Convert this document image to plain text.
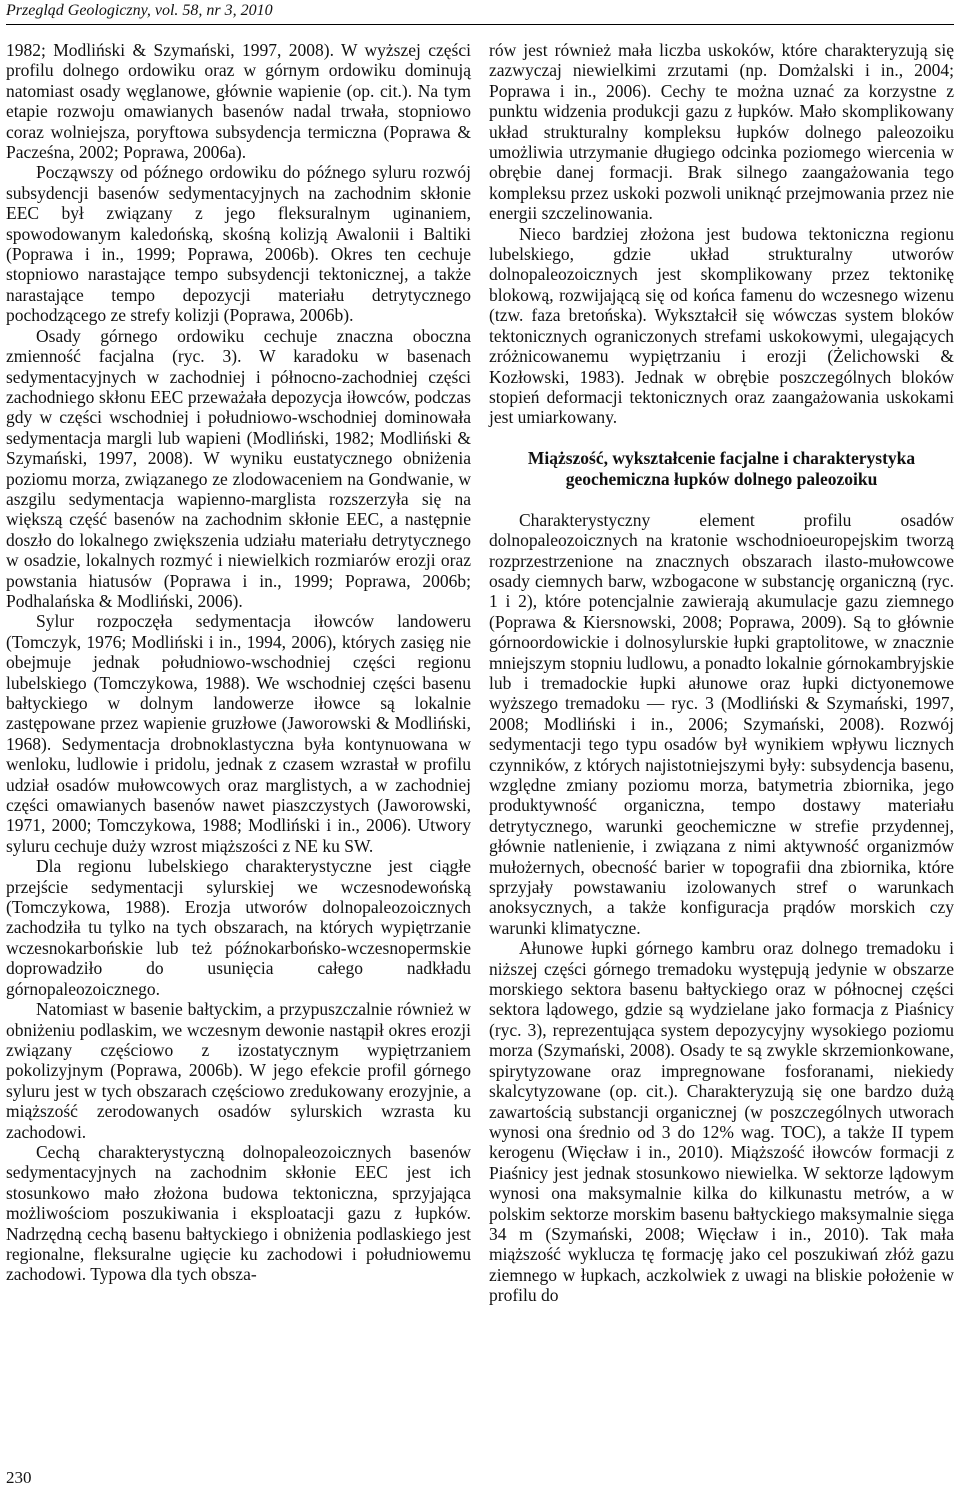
Przegląd Geologiczny, vol. 58, nr 3, 2010

1982; Modliński & Szymański, 1997, 2008). W wyższej części profilu dolnego ordowiku oraz w górnym ordowiku dominują natomiast osady węglanowe, głównie wapienie (op. cit.). Na tym etapie rozwoju omawianych basenów nadal trwała, stopniowo coraz wolniejsza, poryftowa subsydencja termiczna (Poprawa & Pacześna, 2002; Poprawa, 2006a).

Począwszy od późnego ordowiku do późnego syluru rozwój subsydencji basenów sedymentacyjnych na zachodnim skłonie EEC był związany z jego fleksuralnym uginaniem, spowodowanym kaledońską, skośną kolizją Awalonii i Baltiki (Poprawa i in., 1999; Poprawa, 2006b). Okres ten cechuje stopniowo narastające tempo subsydencji tektonicznej, a także narastające tempo depozycji materiału detrytycznego pochodzącego ze strefy kolizji (Poprawa, 2006b).

Osady górnego ordowiku cechuje znaczna oboczna zmienność facjalna (ryc. 3). W karadoku w basenach sedymentacyjnych w zachodniej i północno-zachodniej części zachodniego skłonu EEC przeważała depozycja iłowców, podczas gdy w części wschodniej i południowo-wschodniej dominowała sedymentacja margli lub wapieni (Modliński, 1982; Modliński & Szymański, 1997, 2008). W wyniku eustatycznego obniżenia poziomu morza, związanego ze zlodowaceniem na Gondwanie, w aszgilu sedymentacja wapienno-marglista rozszerzyła się na większą część basenów na zachodnim skłonie EEC, a następnie doszło do lokalnego zwiększenia udziału materiału detrytycznego w osadzie, lokalnych rozmyć i niewielkich rozmiarów erozji oraz powstania hiatusów (Poprawa i in., 1999; Poprawa, 2006b; Podhalańska & Modliński, 2006).

Sylur rozpoczęła sedymentacja iłowców landoweru (Tomczyk, 1976; Modliński i in., 1994, 2006), których zasięg nie obejmuje jednak południowo-wschodniej części regionu lubelskiego (Tomczykowa, 1988). We wschodniej części basenu bałtyckiego w dolnym landowerze iłowce są lokalnie zastępowane przez wapienie gruzłowe (Jaworowski & Modliński, 1968). Sedymentacja drobnoklastyczna była kontynuowana w wenloku, ludlowie i pridolu, jednak z czasem wzrastał w profilu udział osadów mułowcowych oraz marglistych, a w zachodniej części omawianych basenów nawet piaszczystych (Jaworowski, 1971, 2000; Tomczykowa, 1988; Modliński i in., 2006). Utwory syluru cechuje duży wzrost miąższości z NE ku SW.

Dla regionu lubelskiego charakterystyczne jest ciągłe przejście sedymentacji sylurskiej we wczesnodewońską (Tomczykowa, 1988). Erozja utworów dolnopaleozoicznych zachodziła tu tylko na tych obszarach, na których wypiętrzanie wczesnokarbońskie lub też późnokarbońsko-wczesnopermskie doprowadziło do usunięcia całego nadkładu górnopaleozoicznego.

Natomiast w basenie bałtyckim, a przypuszczalnie również w obniżeniu podlaskim, we wczesnym dewonie nastąpił okres erozji związany częściowo z izostatycznym wypiętrzaniem pokolizyjnym (Poprawa, 2006b). W jego efekcie profil górnego syluru jest w tych obszarach częściowo zredukowany erozyjnie, a miąższość zerodowanych osadów sylurskich wzrasta ku zachodowi.

Cechą charakterystyczną dolnopaleozoicznych basenów sedymentacyjnych na zachodnim skłonie EEC jest ich stosunkowo mało złożona budowa tektoniczna, sprzyjająca możliwościom poszukiwania i eksploatacji gazu z łupków. Nadrzędną cechą basenu bałtyckiego i obniżenia podlaskiego jest regionalne, fleksuralne ugięcie ku zachodowi i południowemu zachodowi. Typowa dla tych obsza-

rów jest również mała liczba uskoków, które charakteryzują się zazwyczaj niewielkimi zrzutami (np. Domżalski i in., 2004; Poprawa i in., 2006). Cechy te można uznać za korzystne z punktu widzenia produkcji gazu z łupków. Mało skomplikowany układ strukturalny kompleksu łupków dolnego paleozoiku umożliwia utrzymanie długiego odcinka poziomego wiercenia w obrębie danej formacji. Brak silnego zaangażowania tego kompleksu przez uskoki pozwoli uniknąć przejmowania przez nie energii szczelinowania.

Nieco bardziej złożona jest budowa tektoniczna regionu lubelskiego, gdzie układ strukturalny utworów dolnopaleozoicznych jest skomplikowany przez tektonikę blokową, rozwijającą się od końca famenu do wczesnego wizenu (tzw. faza bretońska). Wykształcił się wówczas system bloków tektonicznych ograniczonych strefami uskokowymi, ulegających zróżnicowanemu wypiętrzaniu i erozji (Żelichowski & Kozłowski, 1983). Jednak w obrębie poszczególnych bloków stopień deformacji tektonicznych oraz zaangażowania uskokami jest umiarkowany.

Miąższość, wykształcenie facjalne i charakterystyka geochemiczna łupków dolnego paleozoiku

Charakterystyczny element profilu osadów dolnopaleozoicznych na kratonie wschodnioeuropejskim tworzą rozprzestrzenione na znacznych obszarach ilasto-mułowcowe osady ciemnych barw, wzbogacone w substancję organiczną (ryc. 1 i 2), które potencjalnie zawierają akumulacje gazu ziemnego (Poprawa & Kiersnowski, 2008; Poprawa, 2009). Są to głównie górnoordowickie i dolnosylurskie łupki graptolitowe, w znacznie mniejszym stopniu ludlowu, a ponadto lokalnie górnokambryjskie lub i tremadockie łupki ałunowe oraz łupki dictyonemowe wyższego tremadoku — ryc. 3 (Modliński & Szymański, 1997, 2008; Modliński i in., 2006; Szymański, 2008). Rozwój sedymentacji tego typu osadów był wynikiem wpływu licznych czynników, z których najistotniejszymi były: subsydencja basenu, względne zmiany poziomu morza, batymetria zbiornika, jego produktywność organiczna, tempo dostawy materiału detrytycznego, warunki geochemiczne w strefie przydennej, głównie natlenienie, i związana z nimi aktywność organizmów mułożernych, obecność barier w topografii dna zbiornika, które sprzyjały powstawaniu izolowanych stref o warunkach anoksycznych, a także konfiguracja prądów morskich czy warunki klimatyczne.

Ałunowe łupki górnego kambru oraz dolnego tremadoku i niższej części górnego tremadoku występują jedynie w obszarze morskiego sektora basenu bałtyckiego oraz w północnej części sektora lądowego, gdzie są wydzielane jako formacja z Piaśnicy (ryc. 3), reprezentująca system depozycyjny wysokiego poziomu morza (Szymański, 2008). Osady te są zwykle skrzemionkowane, spirytyzowane oraz impregnowane fosforanami, niekiedy skalcytyzowane (op. cit.). Charakteryzują się one bardzo dużą zawartością substancji organicznej (w poszczególnych utworach wynosi ona średnio od 3 do 12% wag. TOC), a także II typem kerogenu (Więcław i in., 2010). Miąższość iłowców formacji z Piaśnicy jest jednak stosunkowo niewielka. W sektorze lądowym wynosi ona maksymalnie kilka do kilkunastu metrów, a w polskim sektorze morskim basenu bałtyckiego maksymalnie sięga 34 m (Szymański, 2008; Więcław i in., 2010). Tak mała miąższość wyklucza tę formację jako cel poszukiwań złóż gazu ziemnego w łupkach, aczkolwiek z uwagi na bliskie położenie w profilu do

230
